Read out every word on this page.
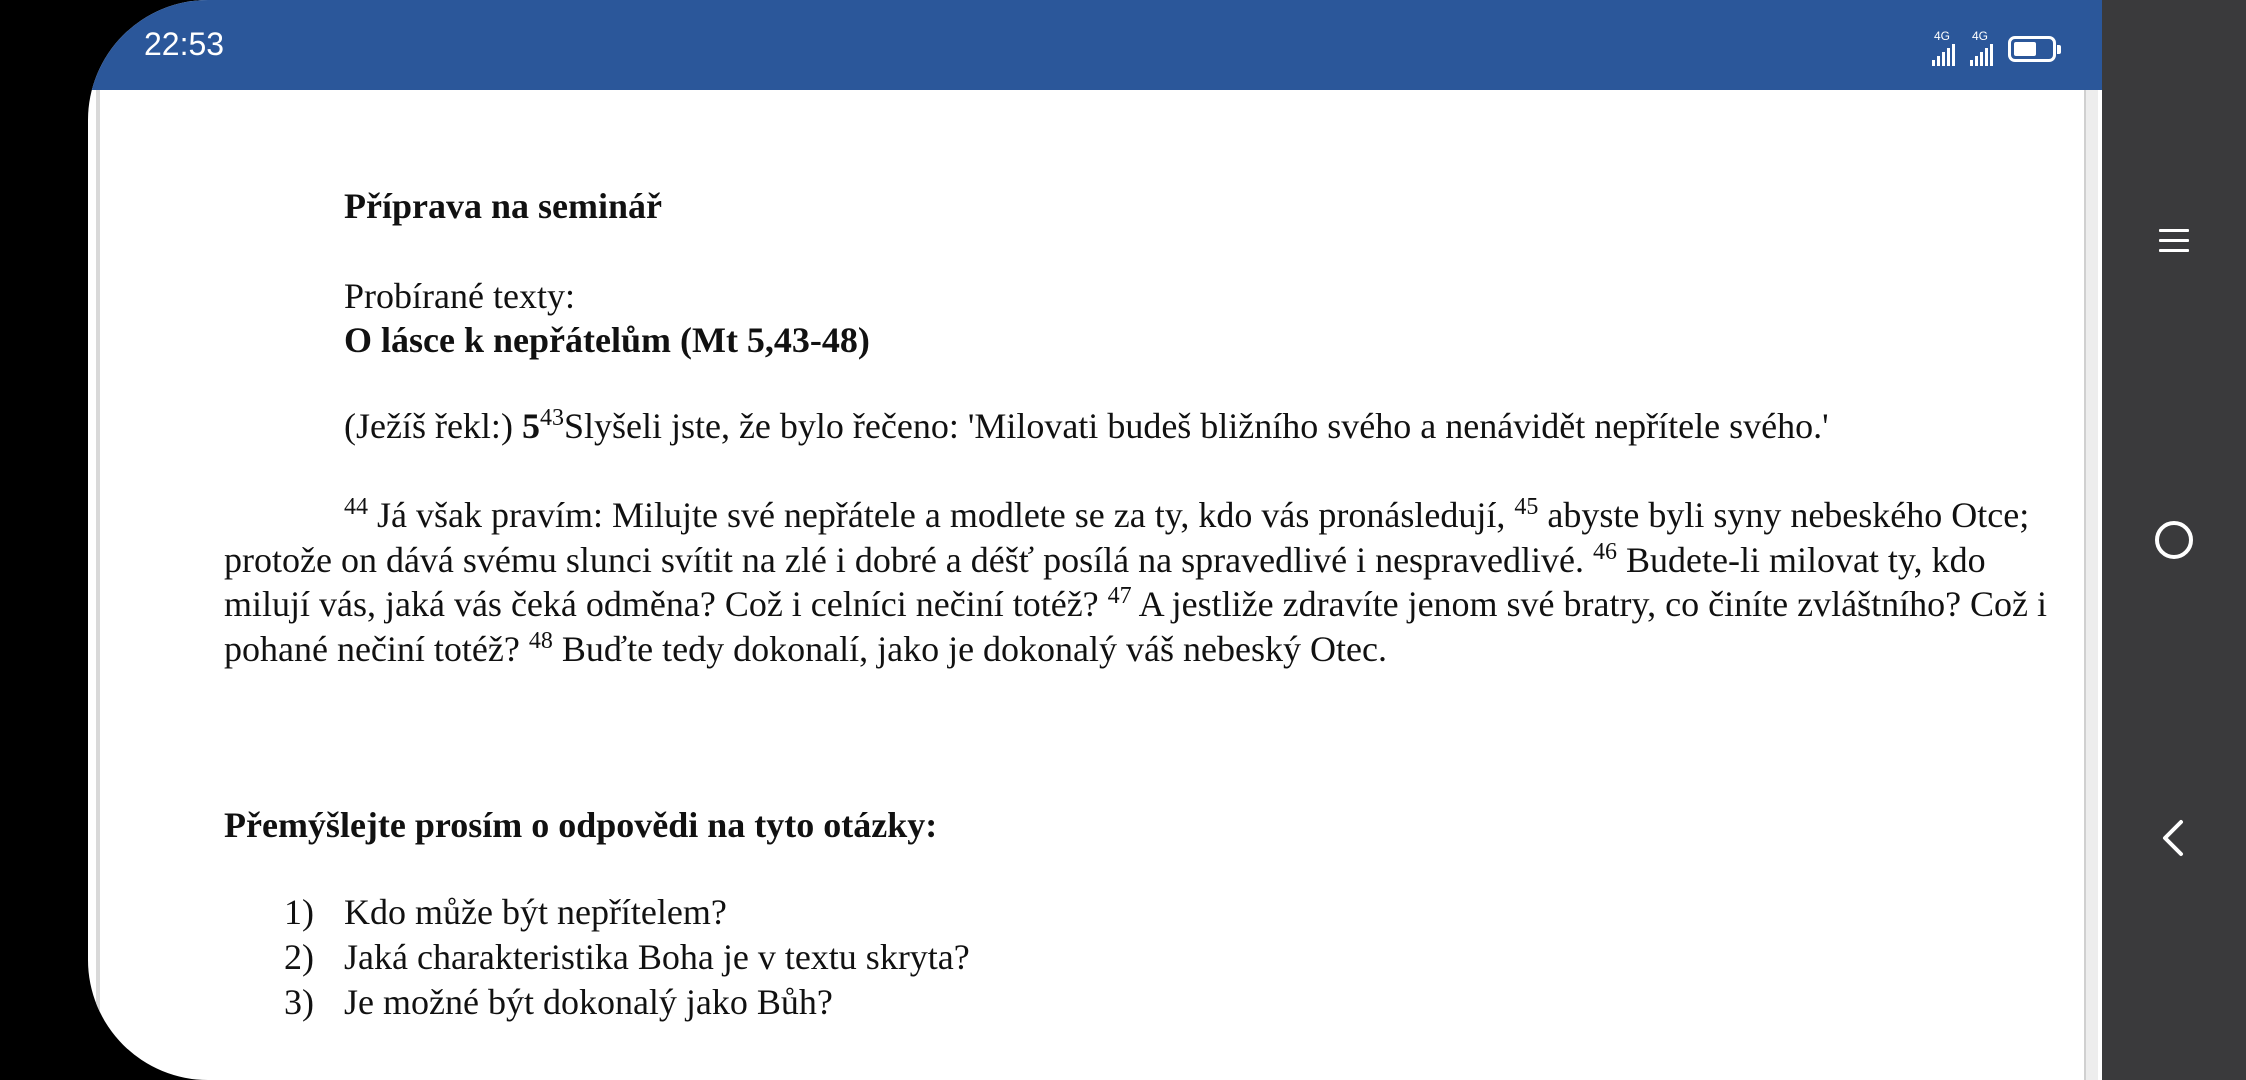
22:53	4G 4G
Příprava na seminář
Probírané texty:
O lásce k nepřátelům (Mt 5,43-48)
(Ježíš řekl:) $5^{43}Slyšeli$ jste, že bylo řečeno: 'Milovati budeš bližního svého a nenávidět nepřítele svého.'
$^{44}$ Já však pravím: Milujte své nepřátele a modlete se za ty, kdo vás pronásledují, $^{45}$ abyste byli syny nebeského Otce; protože on dává svému slunci svítit na zlé i dobré a déšť posílá na spravedlivé i nespravedlivé. $^{46}$ Budete-li milovat ty, kdo milují vás, jaká vás čeká odměna? Což i celníci nečiní totéž? $^{47}$ A jestliže zdravíte jenom své bratry, co činíte zvláštního? Což i pohané nečiní totéž? $^{48}$ Buďte tedy dokonalí, jako je dokonalý váš nebeský Otec.
Přemýšlejte prosím o odpovědi na tyto otázky:
1) Kdo může být nepřítelem?
2) Jaká charakteristika Boha je v textu skryta?
3) Je možné být dokonalý jako Bůh?
